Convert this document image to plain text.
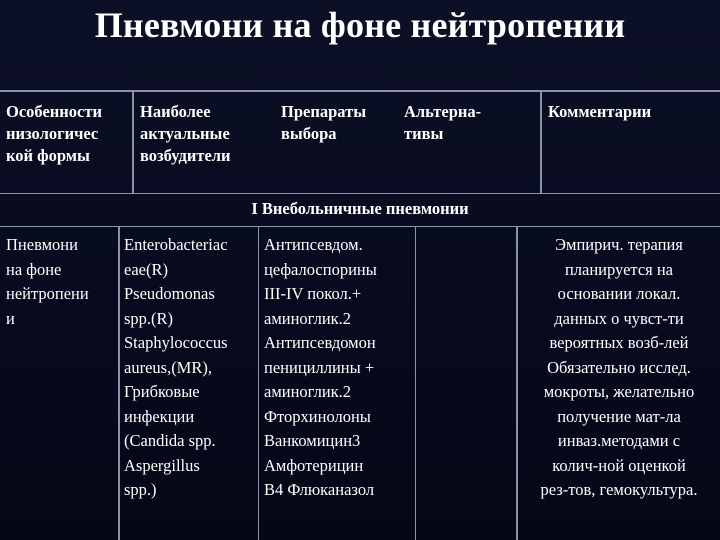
Пневмони на фоне нейтропении
Особенности
низологичес
кой формы
Наиболее
актуальные
возбудители
Препараты
выбора
Альтерна-
тивы
Комментарии
I Внебольничные пневмонии
Пневмони
на фоне
нейтропени
и
Enterobacteriac
eae(R)
Pseudomonas
spp.(R)
Staphylococcus
aureus,(MR),
Грибковые
инфекции
(Candida spp.
Aspergillus
spp.)
Антипсевдом.
цефалоспорины
III-IV покол.+
аминоглик.2
Антипсевдомон
пенициллины +
аминоглик.2
Фторхинолоны
Ванкомицин3
Амфотерицин
В4 Флюканазол
Эмпирич. терапия
планируется на
основании локал.
данных о чувст-ти
вероятных возб-лей
Обязательно исслед.
мокроты, желательно
получение мат-ла
инваз.методами с
колич-ной оценкой
рез-тов, гемокультура.
